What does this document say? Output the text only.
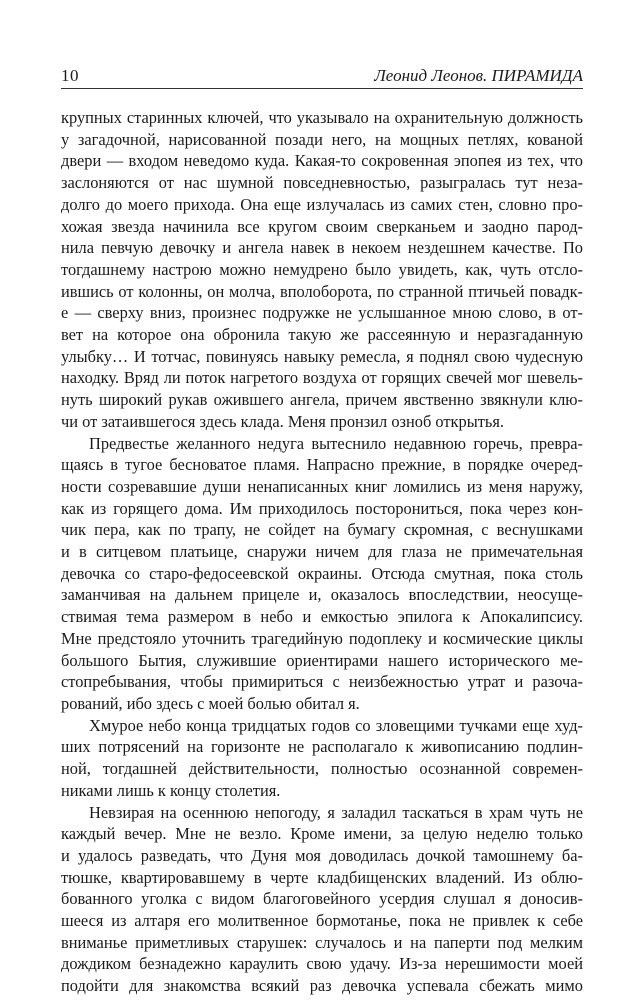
10	Леонид Леонов. ПИРАМИДА

крупных старинных ключей, что указывало на охранительную должность

у загадочной, нарисованной позади него, на мощных петлях, кованой

двери — входом неведомо куда. Какая-то сокровенная эпопея из тех, что

заслоняются от нас шумной повседневностью, разыгралась тут неза-

долго до моего прихода. Она еще излучалась из самих стен, словно про-

хожая звезда начинила все кругом своим сверканьем и заодно парод-

нила певчую девочку и ангела навек в некоем нездешнем качестве. По

тогдашнему настрою можно немудрено было увидеть, как, чуть отсло-

ившись от колонны, он молча, вполоборота, по странной птичьей повадк-

е — сверху вниз, произнес подружке не услышанное мною слово, в от-

вет на которое она обронила такую же рассеянную и неразгаданную

улыбку… И тотчас, повинуясь навыку ремесла, я поднял свою чудесную

находку. Вряд ли поток нагретого воздуха от горящих свечей мог шевель-

нуть широкий рукав ожившего ангела, причем явственно звякнули клю-

чи от затаившегося здесь клада. Меня пронзил озноб открытья.

Предвестье желанного недуга вытеснило недавнюю горечь, превра-

щаясь в тугое бесноватое пламя. Напрасно прежние, в порядке очеред-

ности созревавшие души ненаписанных книг ломились из меня наружу,

как из горящего дома. Им приходилось посторониться, пока через кон-

чик пера, как по трапу, не сойдет на бумагу скромная, с веснушками

и в ситцевом платьице, снаружи ничем для глаза не примечательная

девочка со старо-федосеевской окраины. Отсюда смутная, пока столь

заманчивая на дальнем прицеле и, оказалось впоследствии, неосуще-

ствимая тема размером в небо и емкостью эпилога к Апокалипсису.

Мне предстояло уточнить трагедийную подоплеку и космические циклы

большого Бытия, служившие ориентирами нашего исторического ме-

стопребывания, чтобы примириться с неизбежностью утрат и разоча-

рований, ибо здесь с моей болью обитал я.

Хмурое небо конца тридцатых годов со зловещими тучками еще худ-

ших потрясений на горизонте не располагало к живописанию подлин-

ной, тогдашней действительности, полностью осознанной современ-

никами лишь к концу столетия.

Невзирая на осеннюю непогоду, я заладил таскаться в храм чуть не

каждый вечер. Мне не везло. Кроме имени, за целую неделю только

и удалось разведать, что Дуня моя доводилась дочкой тамошнему ба-

тюшке, квартировавшему в черте кладбищенских владений. Из облю-

бованного уголка с видом благоговейного усердия слушал я доносив-

шееся из алтаря его молитвенное бормотанье, пока не привлек к себе

вниманье приметливых старушек: случалось и на паперти под мелким

дождиком безнадежно караулить свою удачу. Из-за нерешимости моей

подойти для знакомства всякий раз девочка успевала сбежать мимо
